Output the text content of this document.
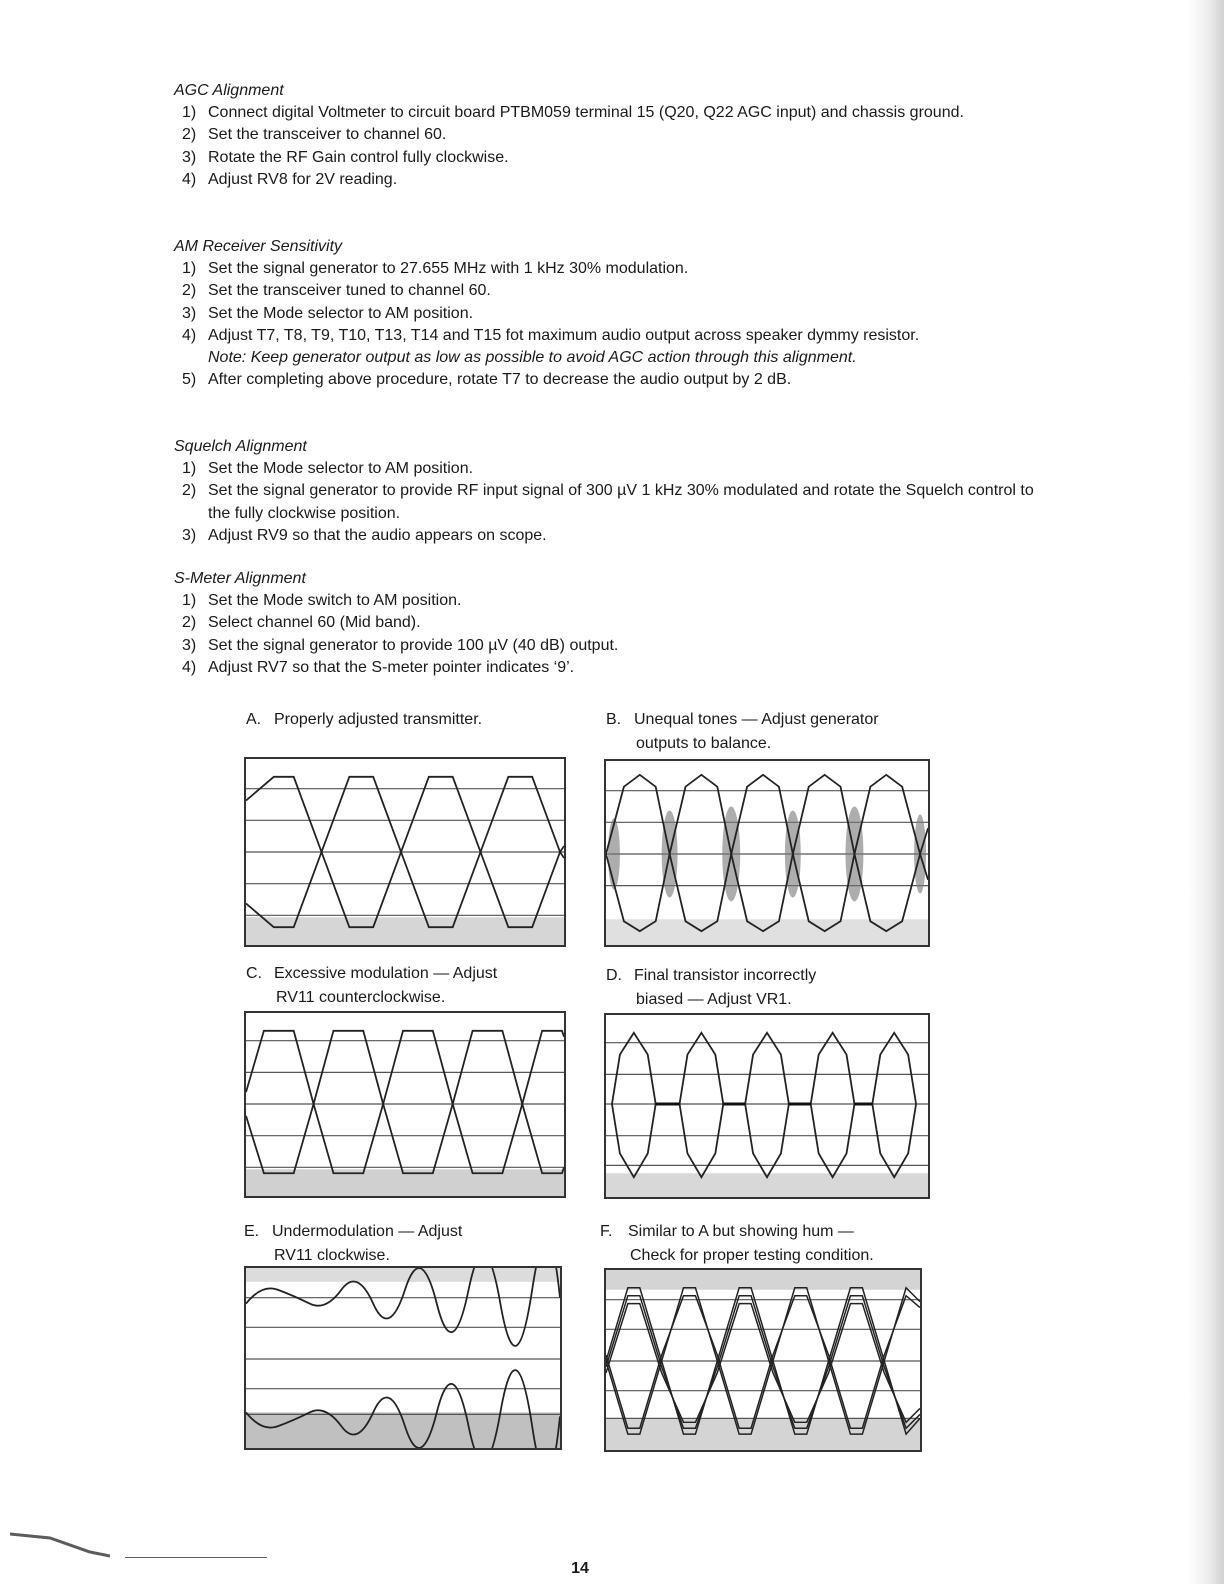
AGC Alignment
1) Connect digital Voltmeter to circuit board PTBM059 terminal 15 (Q20, Q22 AGC input) and chassis ground.
2) Set the transceiver to channel 60.
3) Rotate the RF Gain control fully clockwise.
4) Adjust RV8 for 2V reading.
AM Receiver Sensitivity
1) Set the signal generator to 27.655 MHz with 1 kHz 30% modulation.
2) Set the transceiver tuned to channel 60.
3) Set the Mode selector to AM position.
4) Adjust T7, T8, T9, T10, T13, T14 and T15 fot maximum audio output across speaker dymmy resistor.
Note: Keep generator output as low as possible to avoid AGC action through this alignment.
5) After completing above procedure, rotate T7 to decrease the audio output by 2 dB.
Squelch Alignment
1) Set the Mode selector to AM position.
2) Set the signal generator to provide RF input signal of 300 µV 1 kHz 30% modulated and rotate the Squelch control to the fully clockwise position.
3) Adjust RV9 so that the audio appears on scope.
S-Meter Alignment
1) Set the Mode switch to AM position.
2) Select channel 60 (Mid band).
3) Set the signal generator to provide 100 µV (40 dB) output.
4) Adjust RV7 so that the S-meter pointer indicates ‘9’.
A. Properly adjusted transmitter.	B. Unequal tones — Adjust generator
outputs to balance.
C. Excessive modulation — Adjust
RV11 counterclockwise.
D. Final transistor incorrectly
biased — Adjust VR1.
E. Undermodulation — Adjust
RV11 clockwise.
F. Similar to A but showing hum —
Check for proper testing condition.
14
